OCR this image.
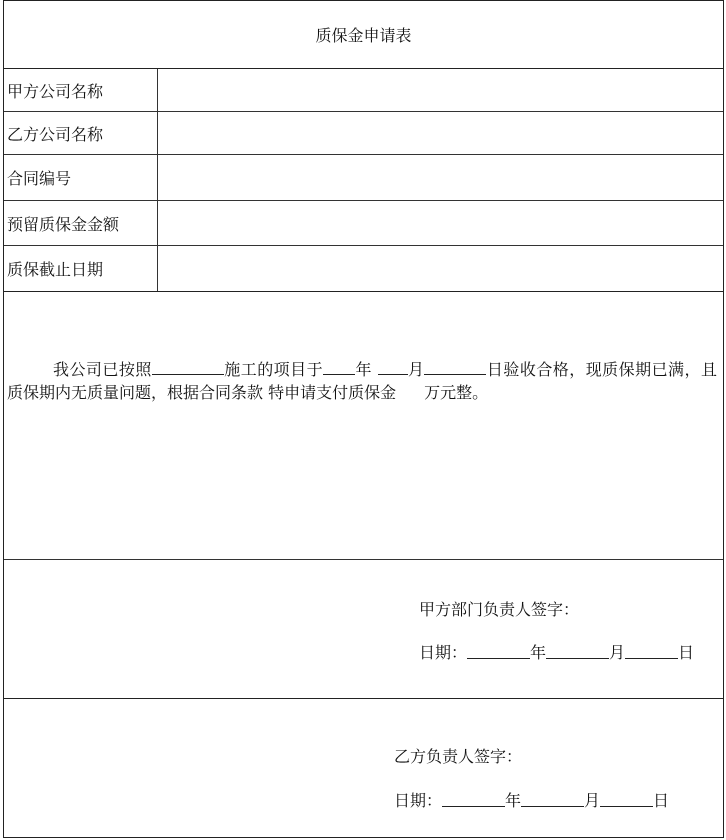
质保金申请表
甲方公司名称
乙方公司名称
合同编号
预留质保金金额
质保截止日期
我公司已按照	施工的项目于 年 月	日验收合格，现质保期已满，且质保期内无质量问题，根据合同条款 特申请支付质保金 万元整。
甲方部门负责人签字：
日期：	年	月	日
乙方负责人签字：
日期：	年	月	日
